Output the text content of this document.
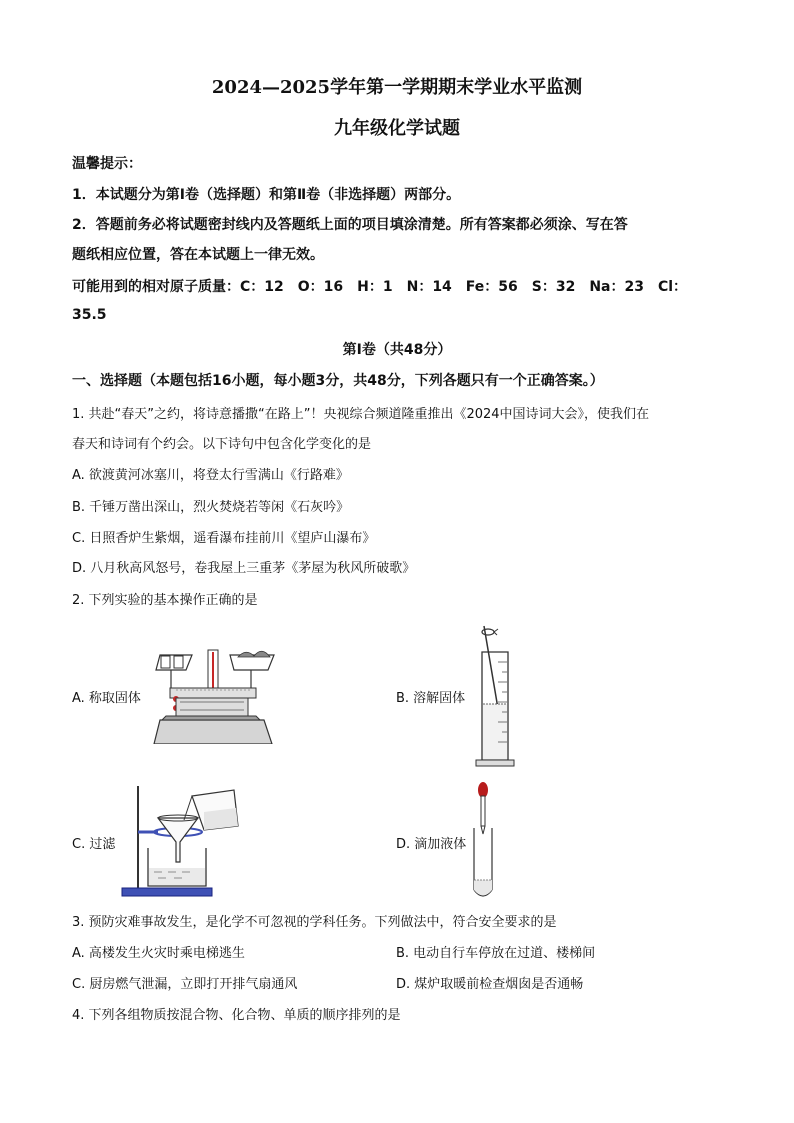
2024—2025学年第一学期期末学业水平监测
九年级化学试题
温馨提示：
1．本试题分为第Ⅰ卷（选择题）和第Ⅱ卷（非选择题）两部分。
2．答题前务必将试题密封线内及答题纸上面的项目填涂清楚。所有答案都必须涂、写在答
题纸相应位置，答在本试题上一律无效。
可能用到的相对原子质量：C：12　O：16　H：1　N：14　Fe：56　S：32　Na：23　Cl：
35.5
第Ⅰ卷（共48分）
一、选择题（本题包括16小题，每小题3分，共48分，下列各题只有一个正确答案。）
1. 共赴“春天”之约，将诗意播撒“在路上”！央视综合频道隆重推出《2024中国诗词大会》，使我们在
春天和诗词有个约会。以下诗句中包含化学变化的是
A. 欲渡黄河冰塞川，将登太行雪满山《行路难》
B. 千锤万凿出深山，烈火焚烧若等闲《石灰吟》
C. 日照香炉生紫烟，遥看瀑布挂前川《望庐山瀑布》
D. 八月秋高风怒号，卷我屋上三重茅《茅屋为秋风所破歌》
2. 下列实验的基本操作正确的是
A. 称取固体	B. 溶解固体
C. 过滤	D. 滴加液体
3. 预防灾难事故发生，是化学不可忽视的学科任务。下列做法中，符合安全要求的是
A. 高楼发生火灾时乘电梯逃生	B. 电动自行车停放在过道、楼梯间
C. 厨房燃气泄漏，立即打开排气扇通风	D. 煤炉取暖前检查烟囱是否通畅
4. 下列各组物质按混合物、化合物、单质的顺序排列的是
